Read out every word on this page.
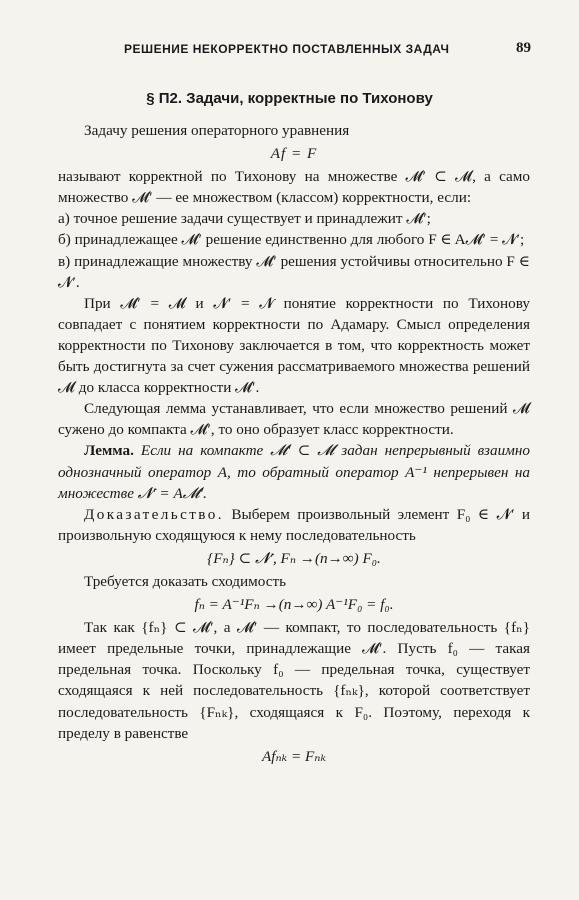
РЕШЕНИЕ НЕКОРРЕКТНО ПОСТАВЛЕННЫХ ЗАДАЧ	89
§ П2. Задачи, корректные по Тихонову

Задачу решения операторного уравнения

Af = F

называют корректной по Тихонову на множестве 𝓜′ ⊂ 𝓜, а само множество 𝓜′ — ее множеством (классом) корректности, если:

а) точное решение задачи существует и принадлежит 𝓜′;

б) принадлежащее 𝓜′ решение единственно для любого F ∈ A𝓜′ = 𝓝′;

в) принадлежащие множеству 𝓜′ решения устойчивы относительно F ∈ 𝓝′.

При 𝓜′ = 𝓜 и 𝓝′ = 𝓝 понятие корректности по Тихонову совпадает с понятием корректности по Адамару. Смысл определения корректности по Тихонову заключается в том, что корректность может быть достигнута за счет сужения рассматриваемого множества решений 𝓜 до класса корректности 𝓜′.

Следующая лемма устанавливает, что если множество решений 𝓜 сужено до компакта 𝓜′, то оно образует класс корректности.

Лемма. Если на компакте 𝓜′ ⊂ 𝓜 задан непрерывный взаимно однозначный оператор A, то обратный оператор A⁻¹ непрерывен на множестве 𝓝′ = A𝓜′.

Доказательство. Выберем произвольный элемент F₀ ∈ 𝓝′ и произвольную сходящуюся к нему последовательность

{Fₙ} ⊂ 𝓝′, Fₙ →(n→∞) F₀.

Требуется доказать сходимость

fₙ = A⁻¹Fₙ →(n→∞) A⁻¹F₀ = f₀.

Так как {fₙ} ⊂ 𝓜′, а 𝓜′ — компакт, то последовательность {fₙ} имеет предельные точки, принадлежащие 𝓜′. Пусть f₀ — такая предельная точка. Поскольку f₀ — предельная точка, существует сходящаяся к ней последовательность {fₙₖ}, которой соответствует последовательность {Fₙₖ}, сходящаяся к F₀. Поэтому, переходя к пределу в равенстве

Afₙₖ = Fₙₖ
